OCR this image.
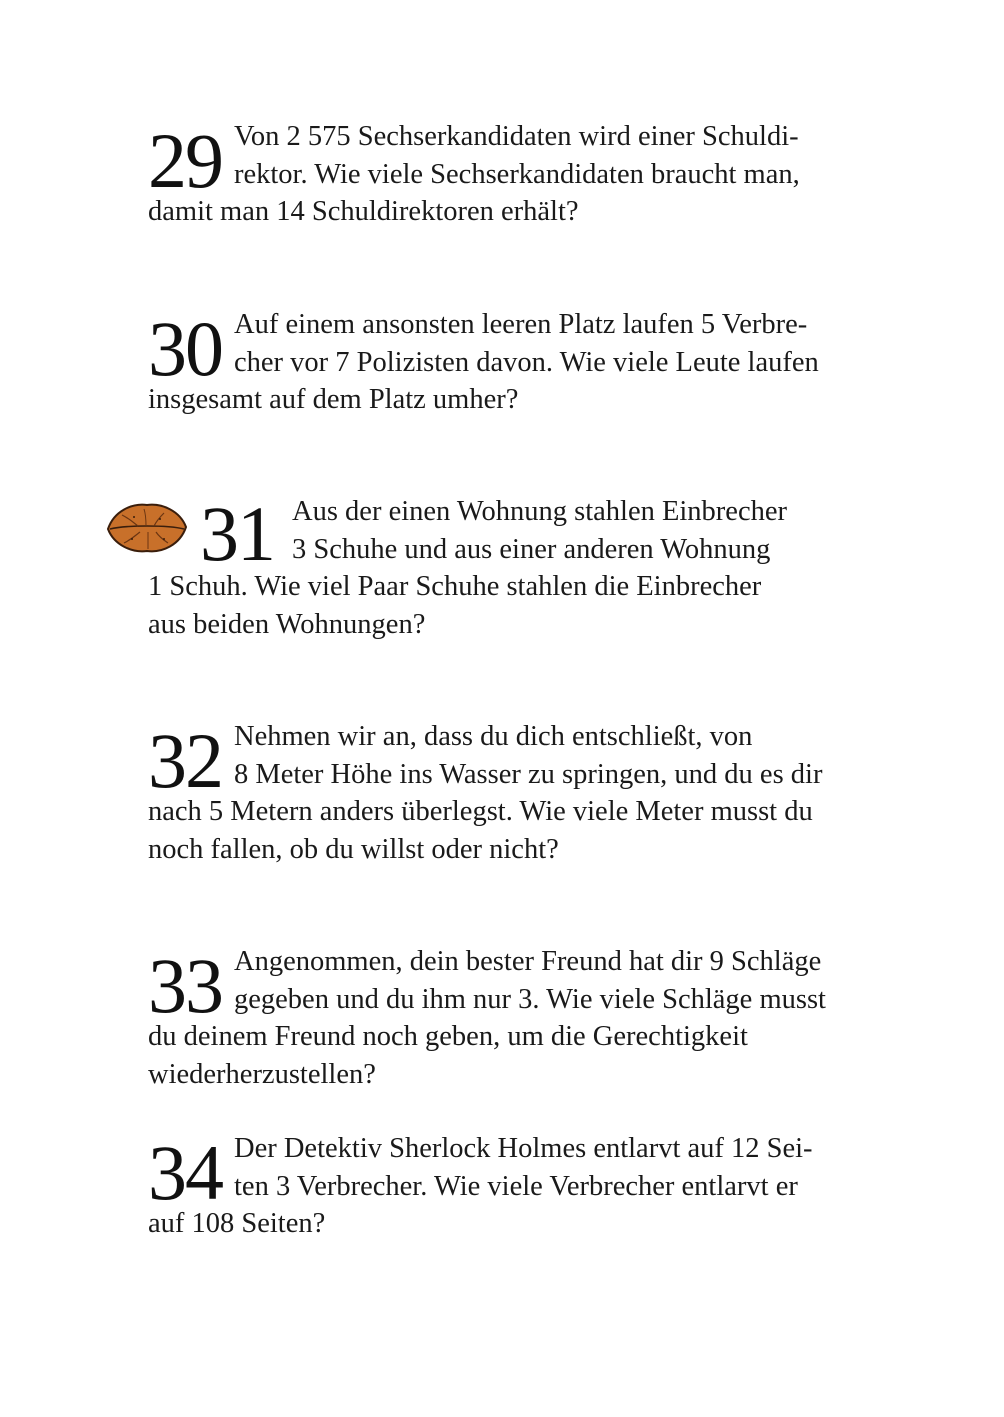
29 Von 2 575 Sechserkandidaten wird einer Schuldi-
rektor. Wie viele Sechserkandidaten braucht man,
damit man 14 Schuldirektoren erhält?
30 Auf einem ansonsten leeren Platz laufen 5 Verbre-
cher vor 7 Polizisten davon. Wie viele Leute laufen
insgesamt auf dem Platz umher?
31 Aus der einen Wohnung stahlen Einbrecher
3 Schuhe und aus einer anderen Wohnung
1 Schuh. Wie viel Paar Schuhe stahlen die Einbrecher
aus beiden Wohnungen?
32 Nehmen wir an, dass du dich entschließt, von
8 Meter Höhe ins Wasser zu springen, und du es dir
nach 5 Metern anders überlegst. Wie viele Meter musst du
noch fallen, ob du willst oder nicht?
33 Angenommen, dein bester Freund hat dir 9 Schläge
gegeben und du ihm nur 3. Wie viele Schläge musst
du deinem Freund noch geben, um die Gerechtigkeit
wiederherzustellen?
34 Der Detektiv Sherlock Holmes entlarvt auf 12 Sei-
ten 3 Verbrecher. Wie viele Verbrecher entlarvt er
auf 108 Seiten?
